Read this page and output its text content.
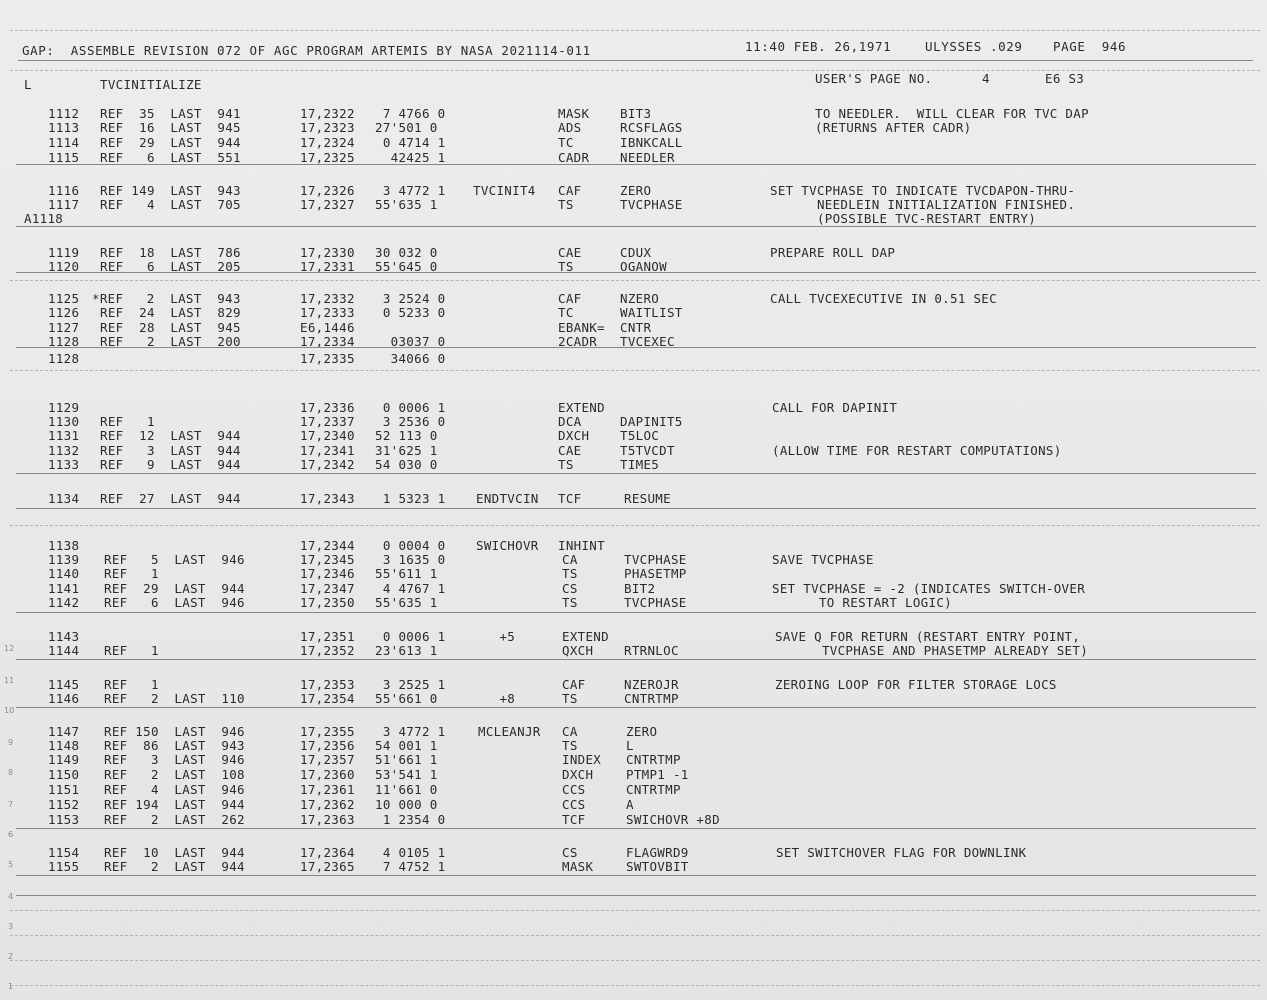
GAP:  ASSEMBLE REVISION 072 OF AGC PROGRAM ARTEMIS BY NASA 2021114-011	11:40 FEB. 26,1971	ULYSSES .029 PAGE  946
L	TVCINITIALIZE	USER'S PAGE NO.	4	E6 S3
1112 REF  35  LAST  941	17,2322 7 4766 0	MASK BIT3	TO NEEDLER.  WILL CLEAR FOR TVC DAP
1113 REF  16  LAST  945	17,2323 27'501 0	ADS	RCSFLAGS	(RETURNS AFTER CADR)
1114 REF  29  LAST  944	17,2324 0 4714 1	TC	IBNKCALL
1115 REF   6  LAST  551	17,2325 42425 1	CADR NEEDLER
1116 REF 149  LAST  943	17,2326 3 4772 1 TVCINIT4 CAF	ZERO	SET TVCPHASE TO INDICATE TVCDAPON-THRU-
1117 REF   4  LAST  705	17,2327 55'635 1	TS	TVCPHASE	NEEDLEIN INITIALIZATION FINISHED.
A1118	(POSSIBLE TVC-RESTART ENTRY)
1119 REF  18  LAST  786	17,2330 30 032 0	CAE	CDUX	PREPARE ROLL DAP
1120 REF   6  LAST  205	17,2331 55'645 0	TS	OGANOW
1125 *REF   2  LAST  943	17,2332 3 2524 0	CAF	NZERO	CALL TVCEXECUTIVE IN 0.51 SEC
1126 REF  24  LAST  829	17,2333 0 5233 0	TC	WAITLIST
1127 REF  28  LAST  945	E6,1446	EBANK= CNTR
1128 REF   2  LAST  200	17,2334 03037 0	2CADR TVCEXEC
1128	17,2335 34066 0
1129	17,2336 0 0006 1	EXTEND	CALL FOR DAPINIT
1130 REF   1	17,2337 3 2536 0	DCA	DAPINIT5
1131 REF  12  LAST  944	17,2340 52 113 0	DXCH T5LOC
1132 REF   3  LAST  944	17,2341 31'625 1	CAE	T5TVCDT	(ALLOW TIME FOR RESTART COMPUTATIONS)
1133 REF   9  LAST  944	17,2342 54 030 0	TS	TIME5
1134 REF  27  LAST  944	17,2343 1 5323 1 ENDTVCIN TCF	RESUME
1138	17,2344 0 0004 0 SWICHOVR INHINT
1139 REF   5  LAST  946	17,2345 3 1635 0	CA	TVCPHASE	SAVE TVCPHASE
1140 REF   1	17,2346 55'611 1	TS	PHASETMP
1141 REF  29  LAST  944	17,2347 4 4767 1	CS	BIT2	SET TVCPHASE = -2 (INDICATES SWITCH-OVER
1142 REF   6  LAST  946	17,2350 55'635 1	TS	TVCPHASE	TO RESTART LOGIC)
1143	17,2351 0 0006 1 +5	EXTEND	SAVE Q FOR RETURN (RESTART ENTRY POINT,
1144 REF   1	17,2352 23'613 1	QXCH RTRNLOC	TVCPHASE AND PHASETMP ALREADY SET)
1145 REF   1	17,2353 3 2525 1	CAF	NZEROJR	ZEROING LOOP FOR FILTER STORAGE LOCS
1146 REF   2  LAST  110	17,2354 55'661 0	+8	TS	CNTRTMP
1147 REF 150  LAST  946	17,2355 3 4772 1	MCLEANJR CA	ZERO
1148 REF  86  LAST  943	17,2356 54 001 1	TS	L
1149 REF   3  LAST  946	17,2357 51'661 1	INDEX CNTRTMP
1150 REF   2  LAST  108	17,2360 53'541 1	DXCH	PTMP1 -1
1151 REF   4  LAST  946	17,2361 11'661 0	CCS	CNTRTMP
1152 REF 194  LAST  944	17,2362 10 000 0	CCS	A
1153 REF   2  LAST  262	17,2363 1 2354 0	TCF	SWICHOVR +8D
1154 REF  10  LAST  944	17,2364 4 0105 1	CS	FLAGWRD9	SET SWITCHOVER FLAG FOR DOWNLINK
1155 REF   2  LAST  944	17,2365 7 4752 1	MASK	SWTOVBIT
12
11
10
9
8
7
6
5
4
3
2
1
